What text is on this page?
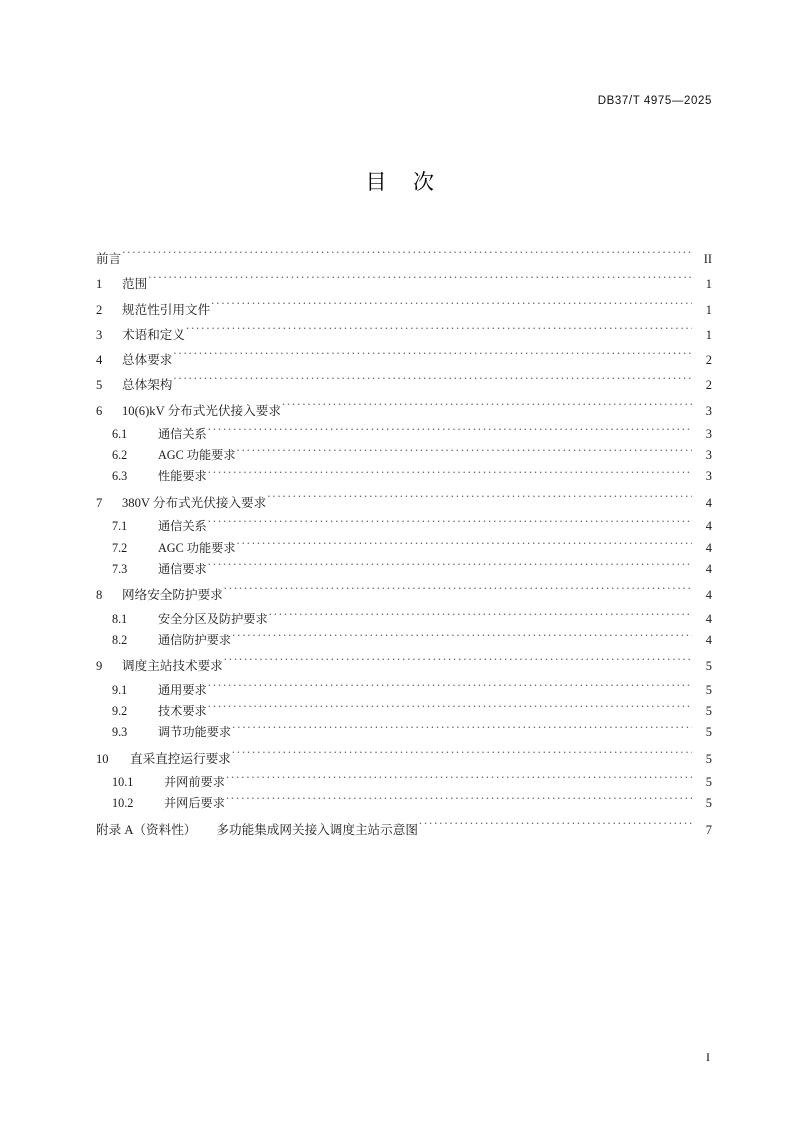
DB37/T 4975—2025
目 次
前言 .....	II
1	范围 .....	1
2	规范性引用文件 .....	1
3	术语和定义 .....	1
4	总体要求 .....	2
5	总体架构 .....	2
6	10(6)kV 分布式光伏接入要求 .....	3
6.1	通信关系 .....	3
6.2	AGC 功能要求 .....	3
6.3	性能要求 .....	3
7	380V 分布式光伏接入要求 .....	4
7.1	通信关系 .....	4
7.2	AGC 功能要求 .....	4
7.3	通信要求 .....	4
8	网络安全防护要求 .....	4
8.1	安全分区及防护要求 .....	4
8.2	通信防护要求 .....	4
9	调度主站技术要求 .....	5
9.1	通用要求 .....	5
9.2	技术要求 .....	5
9.3	调节功能要求 .....	5
10	直采直控运行要求 .....	5
10.1	并网前要求 .....	5
10.2	并网后要求 .....	5
附录 A（资料性） 多功能集成网关接入调度主站示意图 .....	7
I
